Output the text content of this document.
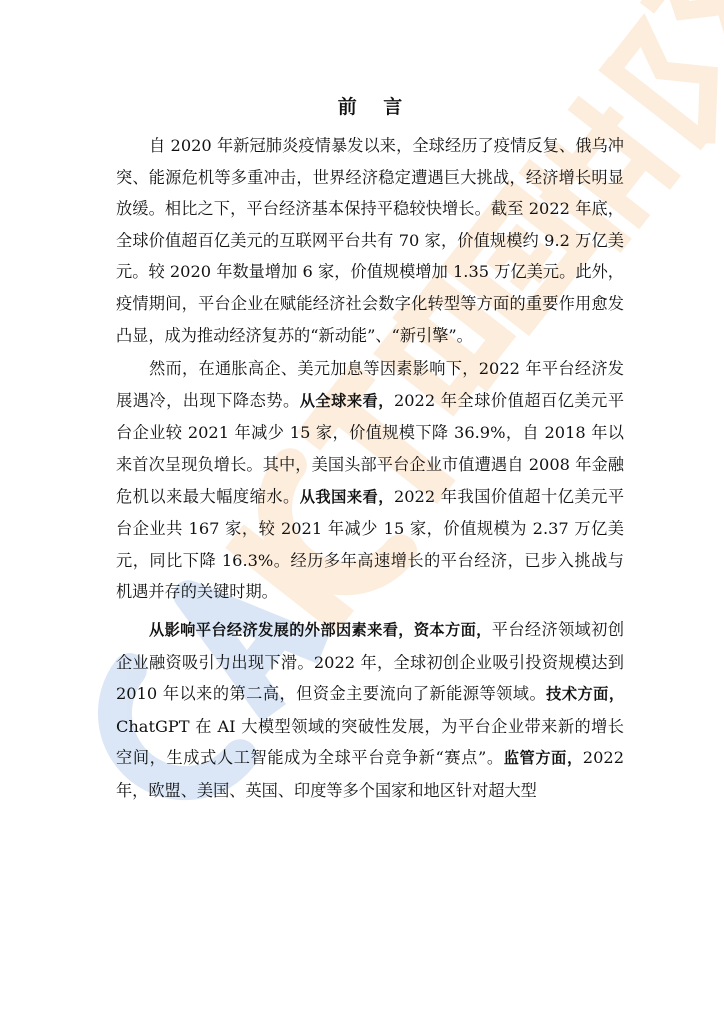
前 言

自 2020 年新冠肺炎疫情暴发以来，全球经历了疫情反复、俄乌冲突、能源危机等多重冲击，世界经济稳定遭遇巨大挑战，经济增长明显放缓。相比之下，平台经济基本保持平稳较快增长。截至 2022 年底，全球价值超百亿美元的互联网平台共有 70 家，价值规模约 9.2 万亿美元。较 2020 年数量增加 6 家，价值规模增加 1.35 万亿美元。此外，疫情期间，平台企业在赋能经济社会数字化转型等方面的重要作用愈发凸显，成为推动经济复苏的“新动能”、“新引擎”。

然而，在通胀高企、美元加息等因素影响下，2022 年平台经济发展遇冷，出现下降态势。从全球来看，2022 年全球价值超百亿美元平台企业较 2021 年减少 15 家，价值规模下降 36.9%，自 2018 年以来首次呈现负增长。其中，美国头部平台企业市值遭遇自 2008 年金融危机以来最大幅度缩水。从我国来看，2022 年我国价值超十亿美元平台企业共 167 家，较 2021 年减少 15 家，价值规模为 2.37 万亿美元，同比下降 16.3%。经历多年高速增长的平台经济，已步入挑战与机遇并存的关键时期。

从影响平台经济发展的外部因素来看，资本方面，平台经济领域初创企业融资吸引力出现下滑。2022 年，全球初创企业吸引投资规模达到 2010 年以来的第二高，但资金主要流向了新能源等领域。技术方面，ChatGPT 在 AI 大模型领域的突破性发展，为平台企业带来新的增长空间，生成式人工智能成为全球平台竞争新“赛点”。监管方面，2022 年，欧盟、美国、英国、印度等多个国家和地区针对超大型
